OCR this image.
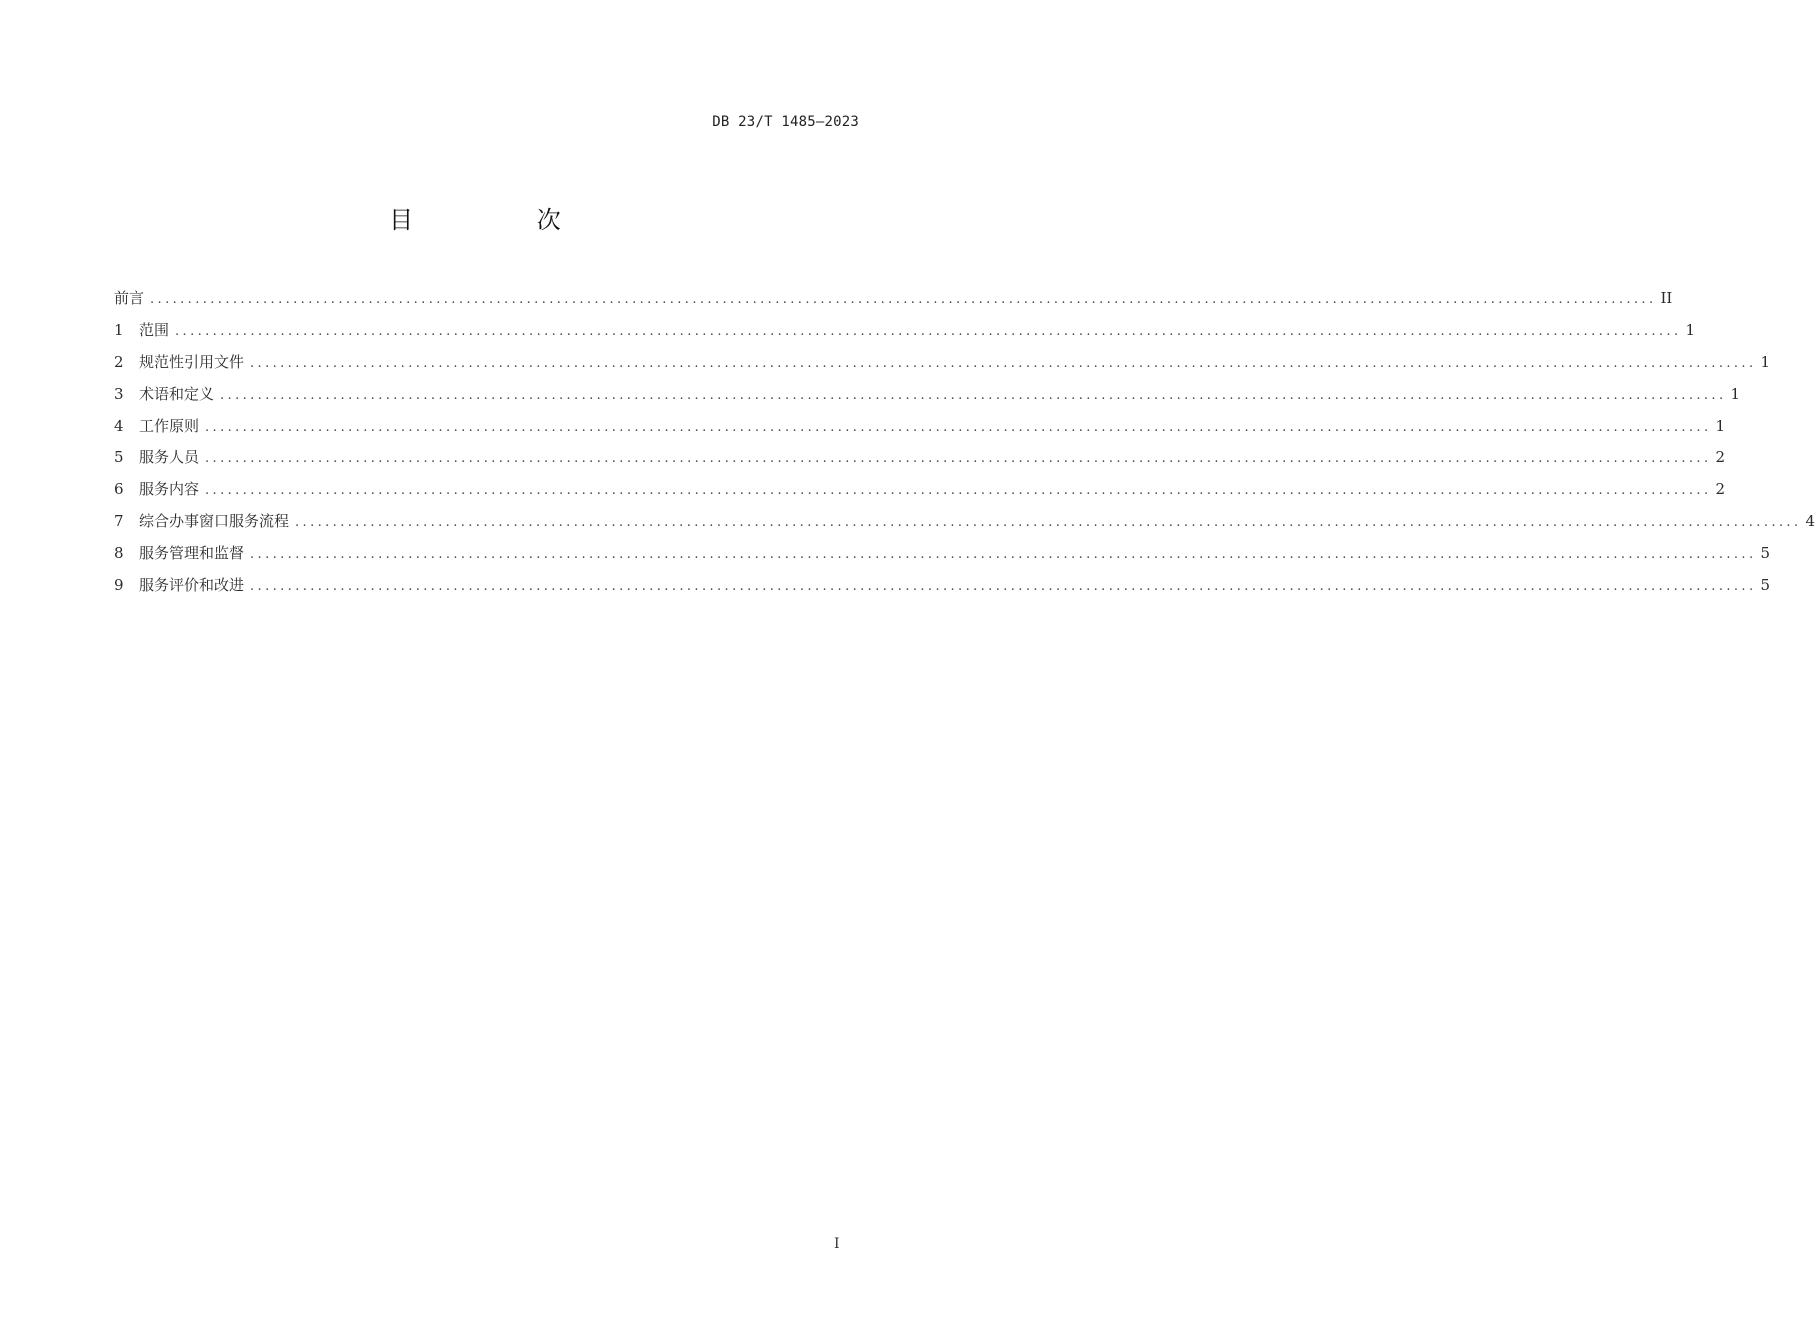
DB 23/T 1485—2023
目 次
前言 ........................................................................................................................................................................................................ II
1	范围 ........................................................................................................................................................................................................ 1
2	规范性引用文件 ........................................................................................................................................................................................................ 1
3	术语和定义 ........................................................................................................................................................................................................ 1
4	工作原则 ........................................................................................................................................................................................................ 1
5	服务人员 ........................................................................................................................................................................................................ 2
6	服务内容 ........................................................................................................................................................................................................ 2
7	综合办事窗口服务流程 ........................................................................................................................................................................................................ 4
8	服务管理和监督 ........................................................................................................................................................................................................ 5
9	服务评价和改进 ........................................................................................................................................................................................................ 5
I
